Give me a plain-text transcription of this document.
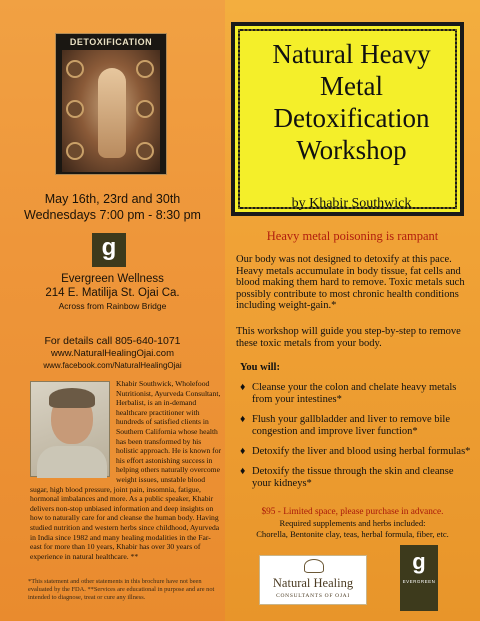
DETOXIFICATION
May 16th, 23rd and 30th
Wednesdays 7:00 pm - 8:30 pm
g
Evergreen Wellness
214 E. Matilija St. Ojai Ca.
Across from Rainbow Bridge
For details call 805-640-1071
www.NaturalHealingOjai.com
www.facebook.com/NaturalHealingOjai
Khabir Southwick, Wholefood Nutritionist, Ayurveda Consultant, Herbalist, is an in-demand healthcare practitioner with hundreds of satisfied clients in Southern California whose health has been transformed by his holistic approach. He is known for his effort astonishing success in helping others naturally overcome weight issues, unstable blood sugar, high blood pressure, joint pain, insomnia, fatigue, hormonal imbalances and more. As a public speaker, Khabir delivers non-stop unbiased information and deep insights on how to naturally care for and cleanse the human body. Having studied nutrition and western herbs since childhood, Ayurveda in India since 1982 and many healing modalities in the Far-east for more than 10 years, Khabir has over 30 years of experience in natural healthcare. **
*This statement and other statements in this brochure have not been evaluated by the FDA. **Services are educational in purpose and are not intended to diagnose, treat or cure any illness.
Natural Heavy
Metal
Detoxification
Workshop
by Khabir Southwick
Heavy metal poisoning is rampant
Our body was not designed to detoxify at this pace. Heavy metals accumulate in body tissue, fat cells and blood making them hard to remove. Toxic metals such possibly contribute to most chronic health conditions including weight-gain.*
This workshop will guide you step-by-step to remove these toxic metals from your body.
You will:
♦ Cleanse your the colon and chelate heavy metals from your intestines*
♦ Flush your gallbladder and liver to remove bile congestion and improve liver function*
♦ Detoxify the liver and blood using herbal formulas*
♦ Detoxify the tissue through the skin and cleanse your kidneys*
$95 - Limited space, please purchase in advance.
Required supplements and herbs included:
Chorella, Bentonite clay, teas, herbal formula, fiber, etc.
Natural Healing
CONSULTANTS OF OJAI
g
EVERGREEN
